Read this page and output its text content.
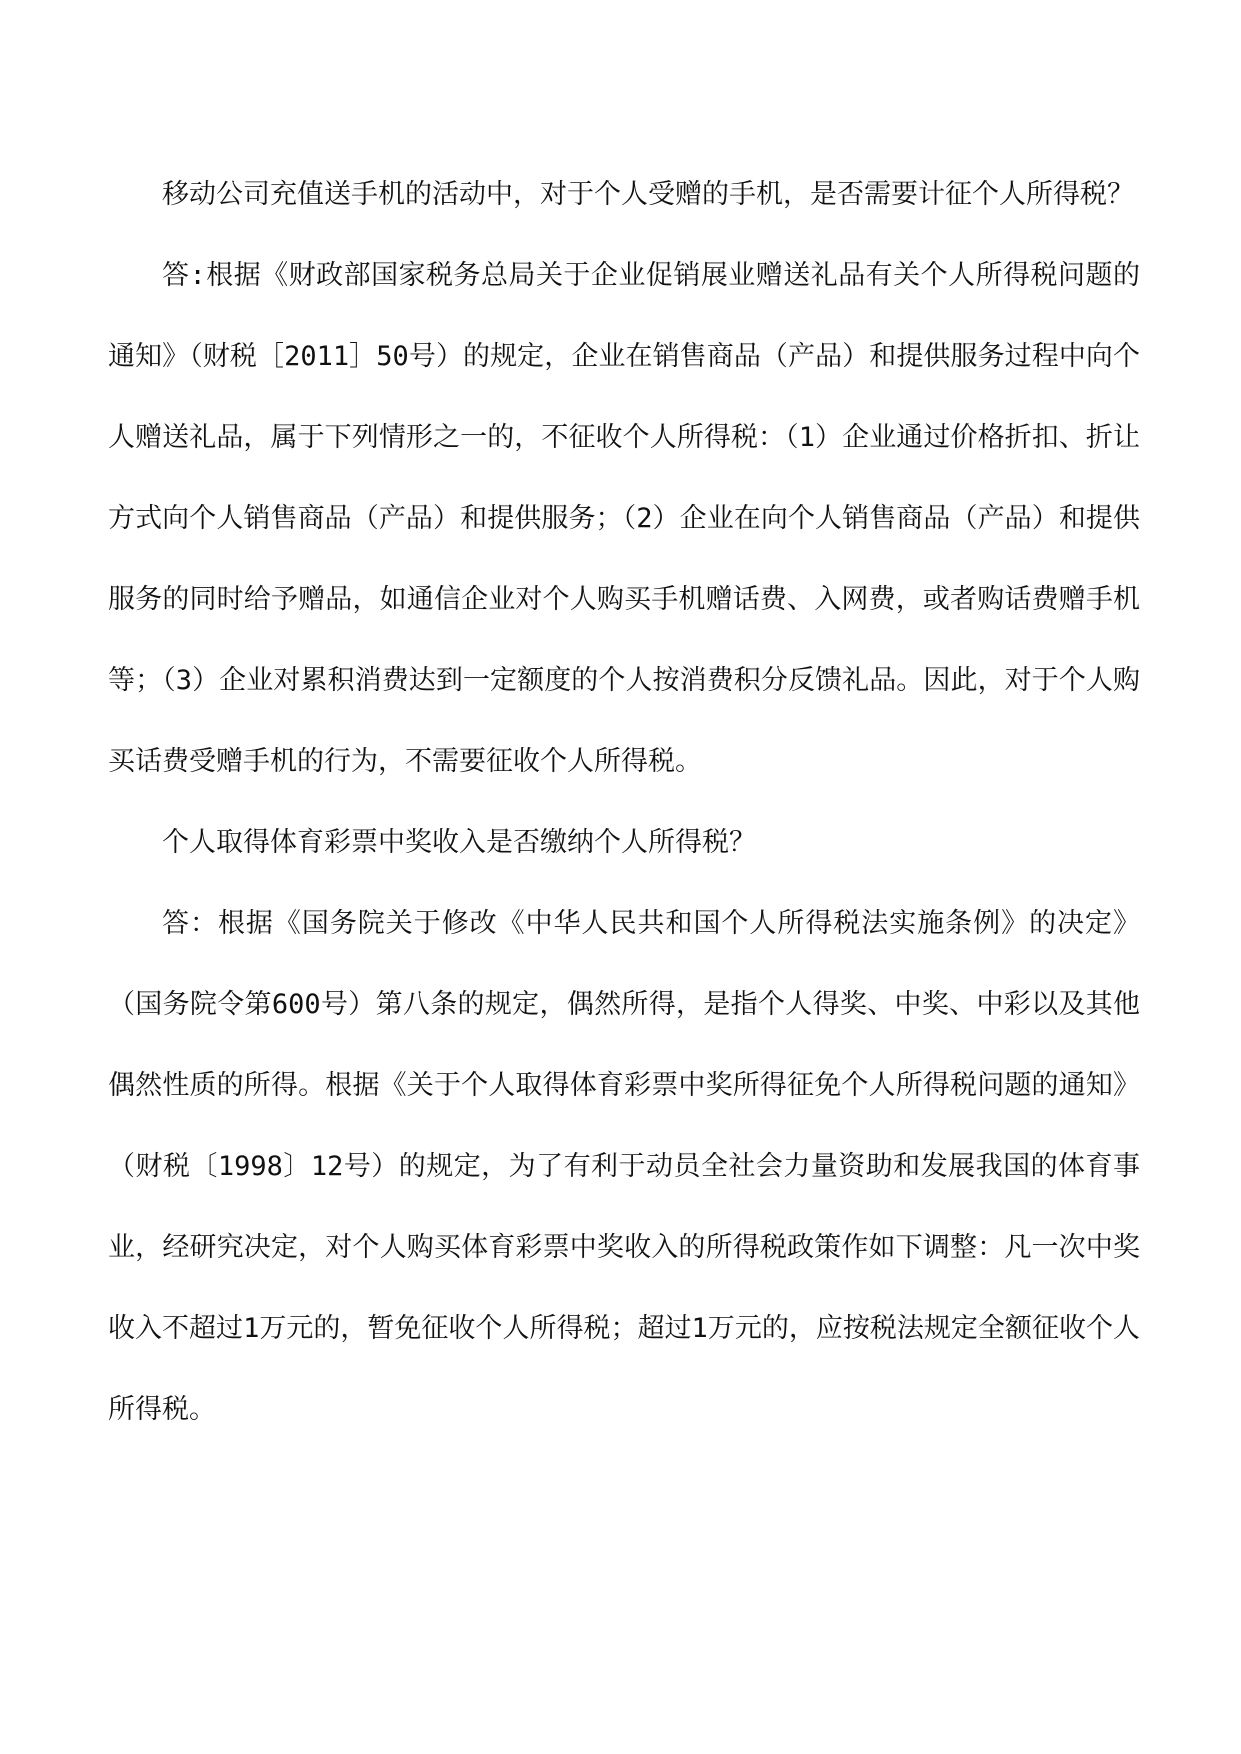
移动公司充值送手机的活动中，对于个人受赠的手机，是否需要计征个人所得税？

答:根据《财政部国家税务总局关于企业促销展业赠送礼品有关个人所得税问题的通知》（财税［2011］50号）的规定，企业在销售商品（产品）和提供服务过程中向个人赠送礼品，属于下列情形之一的，不征收个人所得税：（1）企业通过价格折扣、折让方式向个人销售商品（产品）和提供服务；（2）企业在向个人销售商品（产品）和提供服务的同时给予赠品，如通信企业对个人购买手机赠话费、入网费，或者购话费赠手机等；（3）企业对累积消费达到一定额度的个人按消费积分反馈礼品。因此，对于个人购买话费受赠手机的行为，不需要征收个人所得税。

个人取得体育彩票中奖收入是否缴纳个人所得税？

答：根据《国务院关于修改《中华人民共和国个人所得税法实施条例》的决定》（国务院令第600号）第八条的规定，偶然所得，是指个人得奖、中奖、中彩以及其他偶然性质的所得。根据《关于个人取得体育彩票中奖所得征免个人所得税问题的通知》（财税〔1998〕12号）的规定，为了有利于动员全社会力量资助和发展我国的体育事业，经研究决定，对个人购买体育彩票中奖收入的所得税政策作如下调整：凡一次中奖收入不超过1万元的，暂免征收个人所得税；超过1万元的，应按税法规定全额征收个人所得税。
